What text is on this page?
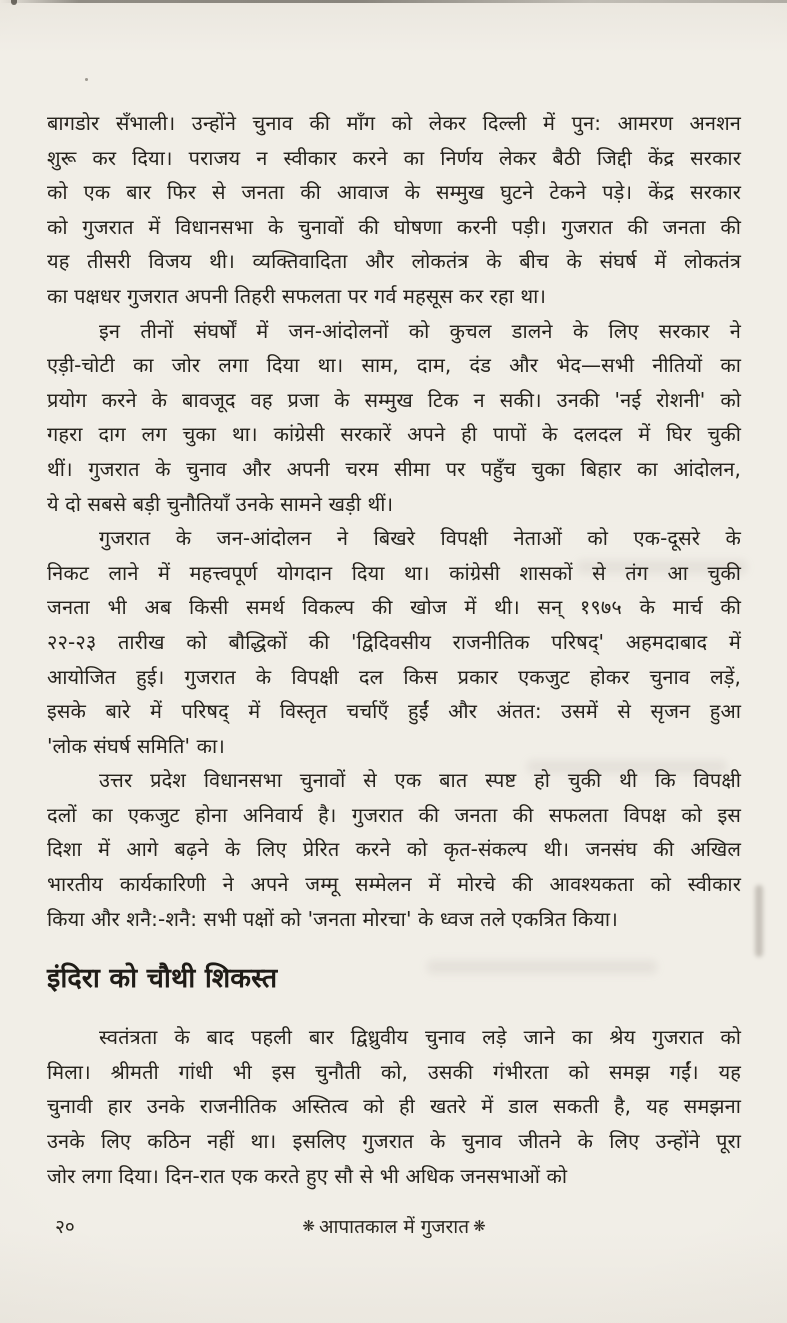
बागडोर सँभाली। उन्होंने चुनाव की माँग को लेकर दिल्ली में पुन: आमरण अनशन
शुरू कर दिया। पराजय न स्वीकार करने का निर्णय लेकर बैठी जिद्दी केंद्र सरकार
को एक बार फिर से जनता की आवाज के सम्मुख घुटने टेकने पड़े। केंद्र सरकार
को गुजरात में विधानसभा के चुनावों की घोषणा करनी पड़ी। गुजरात की जनता की
यह तीसरी विजय थी। व्यक्तिवादिता और लोकतंत्र के बीच के संघर्ष में लोकतंत्र
का पक्षधर गुजरात अपनी तिहरी सफलता पर गर्व महसूस कर रहा था।
इन तीनों संघर्षों में जन-आंदोलनों को कुचल डालने के लिए सरकार ने
एड़ी-चोटी का जोर लगा दिया था। साम, दाम, दंड और भेद—सभी नीतियों का
प्रयोग करने के बावजूद वह प्रजा के सम्मुख टिक न सकी। उनकी 'नई रोशनी' को
गहरा दाग लग चुका था। कांग्रेसी सरकारें अपने ही पापों के दलदल में घिर चुकी
थीं। गुजरात के चुनाव और अपनी चरम सीमा पर पहुँच चुका बिहार का आंदोलन,
ये दो सबसे बड़ी चुनौतियाँ उनके सामने खड़ी थीं।
गुजरात के जन-आंदोलन ने बिखरे विपक्षी नेताओं को एक-दूसरे के
निकट लाने में महत्त्वपूर्ण योगदान दिया था। कांग्रेसी शासकों से तंग आ चुकी
जनता भी अब किसी समर्थ विकल्प की खोज में थी। सन् १९७५ के मार्च की
२२-२३ तारीख को बौद्धिकों की 'द्विदिवसीय राजनीतिक परिषद्' अहमदाबाद में
आयोजित हुई। गुजरात के विपक्षी दल किस प्रकार एकजुट होकर चुनाव लड़ें,
इसके बारे में परिषद् में विस्तृत चर्चाएँ हुईं और अंतत: उसमें से सृजन हुआ
'लोक संघर्ष समिति' का।
उत्तर प्रदेश विधानसभा चुनावों से एक बात स्पष्ट हो चुकी थी कि विपक्षी
दलों का एकजुट होना अनिवार्य है। गुजरात की जनता की सफलता विपक्ष को इस
दिशा में आगे बढ़ने के लिए प्रेरित करने को कृत-संकल्प थी। जनसंघ की अखिल
भारतीय कार्यकारिणी ने अपने जम्मू सम्मेलन में मोरचे की आवश्यकता को स्वीकार
किया और शनै:-शनै: सभी पक्षों को 'जनता मोरचा' के ध्वज तले एकत्रित किया।
इंदिरा को चौथी शिकस्त
स्वतंत्रता के बाद पहली बार द्विध्रुवीय चुनाव लड़े जाने का श्रेय गुजरात को
मिला। श्रीमती गांधी भी इस चुनौती को, उसकी गंभीरता को समझ गईं। यह
चुनावी हार उनके राजनीतिक अस्तित्व को ही खतरे में डाल सकती है, यह समझना
उनके लिए कठिन नहीं था। इसलिए गुजरात के चुनाव जीतने के लिए उन्होंने पूरा
जोर लगा दिया। दिन-रात एक करते हुए सौ से भी अधिक जनसभाओं को
२०	❋ आपातकाल में गुजरात ❋
